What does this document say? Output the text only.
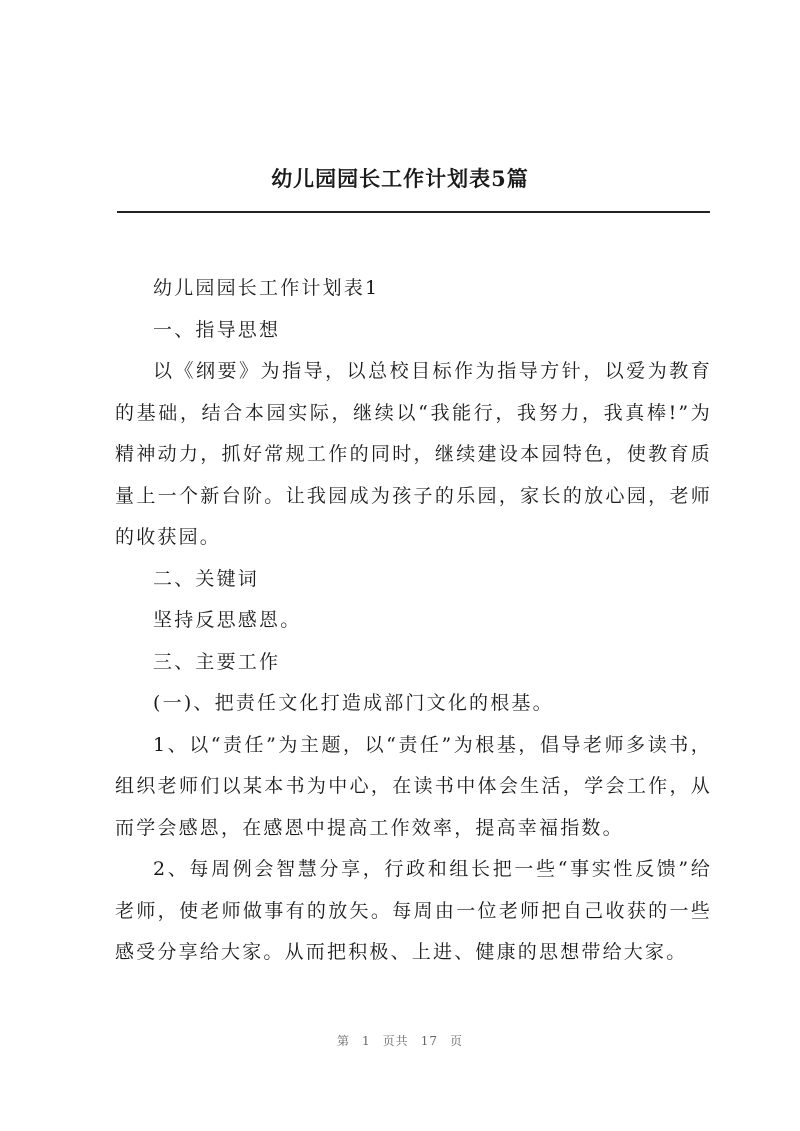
幼儿园园长工作计划表5篇

幼儿园园长工作计划表1

一、指导思想

以《纲要》为指导，以总校目标作为指导方针，以爱为教育的基础，结合本园实际，继续以“我能行，我努力，我真棒!”为精神动力，抓好常规工作的同时，继续建设本园特色，使教育质量上一个新台阶。让我园成为孩子的乐园，家长的放心园，老师的收获园。

二、关键词

坚持反思感恩。

三、主要工作

(一)、把责任文化打造成部门文化的根基。

1、以“责任”为主题，以“责任”为根基，倡导老师多读书，组织老师们以某本书为中心，在读书中体会生活，学会工作，从而学会感恩，在感恩中提高工作效率，提高幸福指数。

2、每周例会智慧分享，行政和组长把一些“事实性反馈”给老师，使老师做事有的放矢。每周由一位老师把自己收获的一些感受分享给大家。从而把积极、上进、健康的思想带给大家。

第 1 页共 17 页
